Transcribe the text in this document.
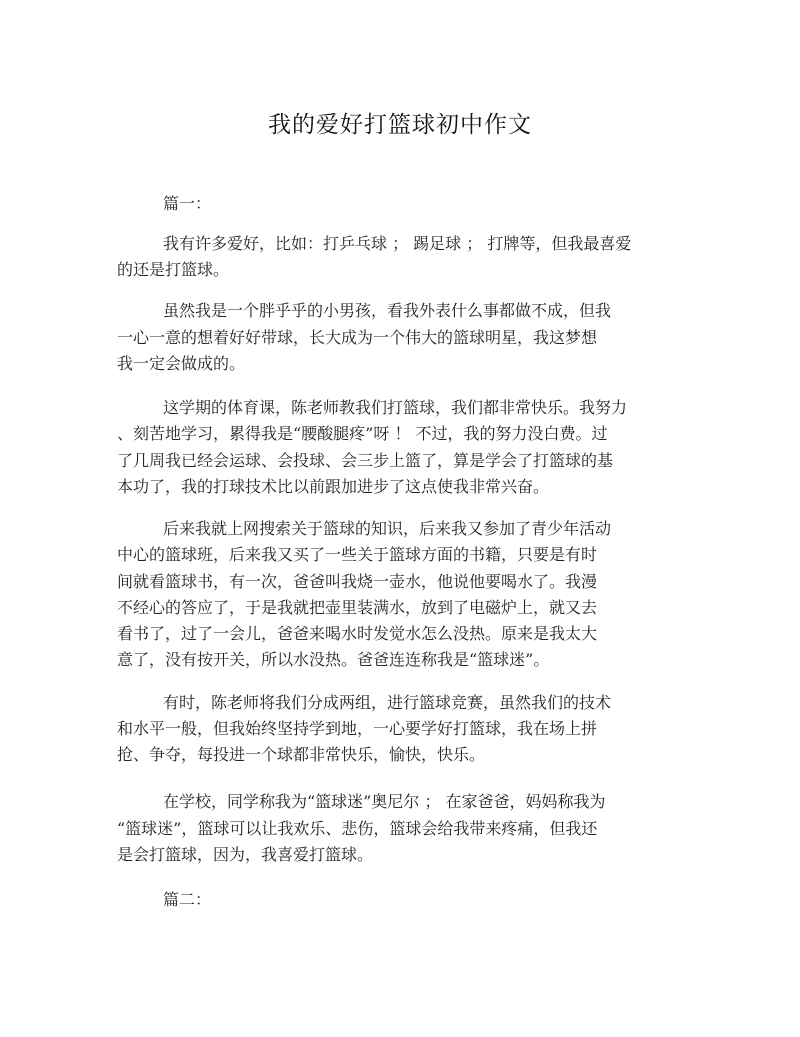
我的爱好打篮球初中作文
篇一：
我有许多爱好，比如：打乒乓球 ； 踢足球 ； 打牌等，但我最喜爱
的还是打篮球。
虽然我是一个胖乎乎的小男孩，看我外表什么事都做不成，但我
一心一意的想着好好带球，长大成为一个伟大的篮球明星，我这梦想
我一定会做成的。
这学期的体育课，陈老师教我们打篮球，我们都非常快乐。我努力
、刻苦地学习，累得我是“腰酸腿疼”呀 ！ 不过，我的努力没白费。过
了几周我已经会运球、会投球、会三步上篮了，算是学会了打篮球的基
本功了，我的打球技术比以前跟加进步了这点使我非常兴奋。
后来我就上网搜索关于篮球的知识，后来我又参加了青少年活动
中心的篮球班，后来我又买了一些关于篮球方面的书籍，只要是有时
间就看篮球书，有一次，爸爸叫我烧一壶水，他说他要喝水了。我漫
不经心的答应了，于是我就把壶里装满水，放到了电磁炉上，就又去
看书了，过了一会儿，爸爸来喝水时发觉水怎么没热。原来是我太大
意了，没有按开关，所以水没热。爸爸连连称我是“篮球迷”。
有时，陈老师将我们分成两组，进行篮球竞赛，虽然我们的技术
和水平一般，但我始终坚持学到地，一心要学好打篮球，我在场上拼
抢、争夺，每投进一个球都非常快乐，愉快，快乐。
在学校，同学称我为“篮球迷”奥尼尔 ； 在家爸爸，妈妈称我为
“篮球迷”，篮球可以让我欢乐、悲伤，篮球会给我带来疼痛，但我还
是会打篮球，因为，我喜爱打篮球。
篇二：
